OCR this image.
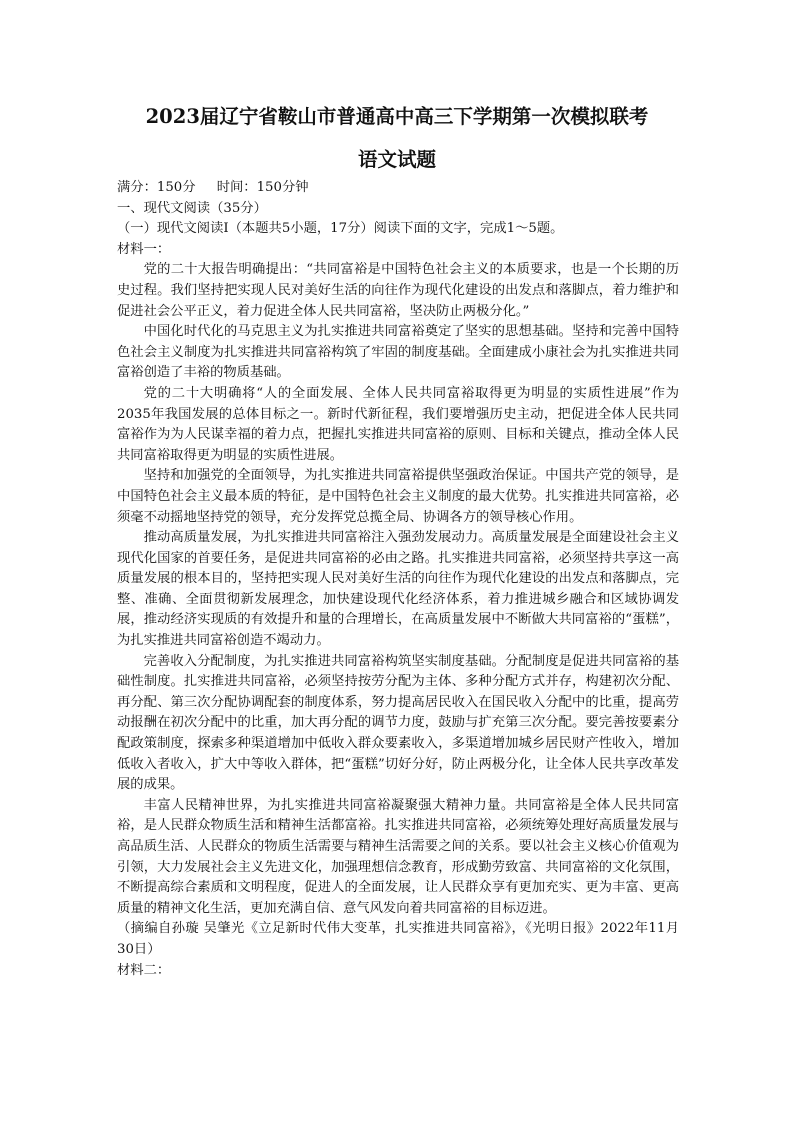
2023届辽宁省鞍山市普通高中高三下学期第一次模拟联考
语文试题

满分：150分     时间：150分钟

一、现代文阅读（35分）

（一）现代文阅读Ⅰ（本题共5小题，17分）阅读下面的文字，完成1～5题。

材料一：

党的二十大报告明确提出：“共同富裕是中国特色社会主义的本质要求，也是一个长期的历史过程。我们坚持把实现人民对美好生活的向往作为现代化建设的出发点和落脚点，着力维护和促进社会公平正义，着力促进全体人民共同富裕，坚决防止两极分化。”

中国化时代化的马克思主义为扎实推进共同富裕奠定了坚实的思想基础。坚持和完善中国特色社会主义制度为扎实推进共同富裕构筑了牢固的制度基础。全面建成小康社会为扎实推进共同富裕创造了丰裕的物质基础。

党的二十大明确将“人的全面发展、全体人民共同富裕取得更为明显的实质性进展”作为2035年我国发展的总体目标之一。新时代新征程，我们要增强历史主动，把促进全体人民共同富裕作为为人民谋幸福的着力点，把握扎实推进共同富裕的原则、目标和关键点，推动全体人民共同富裕取得更为明显的实质性进展。

坚持和加强党的全面领导，为扎实推进共同富裕提供坚强政治保证。中国共产党的领导，是中国特色社会主义最本质的特征，是中国特色社会主义制度的最大优势。扎实推进共同富裕，必须毫不动摇地坚持党的领导，充分发挥党总揽全局、协调各方的领导核心作用。

推动高质量发展，为扎实推进共同富裕注入强劲发展动力。高质量发展是全面建设社会主义现代化国家的首要任务，是促进共同富裕的必由之路。扎实推进共同富裕，必须坚持共享这一高质量发展的根本目的，坚持把实现人民对美好生活的向往作为现代化建设的出发点和落脚点，完整、准确、全面贯彻新发展理念，加快建设现代化经济体系，着力推进城乡融合和区域协调发展，推动经济实现质的有效提升和量的合理增长，在高质量发展中不断做大共同富裕的“蛋糕”，为扎实推进共同富裕创造不竭动力。

完善收入分配制度，为扎实推进共同富裕构筑坚实制度基础。分配制度是促进共同富裕的基础性制度。扎实推进共同富裕，必须坚持按劳分配为主体、多种分配方式并存，构建初次分配、再分配、第三次分配协调配套的制度体系，努力提高居民收入在国民收入分配中的比重，提高劳动报酬在初次分配中的比重，加大再分配的调节力度，鼓励与扩充第三次分配。要完善按要素分配政策制度，探索多种渠道增加中低收入群众要素收入，多渠道增加城乡居民财产性收入，增加低收入者收入，扩大中等收入群体，把“蛋糕”切好分好，防止两极分化，让全体人民共享改革发展的成果。

丰富人民精神世界，为扎实推进共同富裕凝聚强大精神力量。共同富裕是全体人民共同富裕，是人民群众物质生活和精神生活都富裕。扎实推进共同富裕，必须统筹处理好高质量发展与高品质生活、人民群众的物质生活需要与精神生活需要之间的关系。要以社会主义核心价值观为引领，大力发展社会主义先进文化，加强理想信念教育，形成勤劳致富、共同富裕的文化氛围，不断提高综合素质和文明程度，促进人的全面发展，让人民群众享有更加充实、更为丰富、更高质量的精神文化生活，更加充满自信、意气风发向着共同富裕的目标迈进。

（摘编自孙璇 吴肇光《立足新时代伟大变革，扎实推进共同富裕》，《光明日报》2022年11月30日）

材料二：
